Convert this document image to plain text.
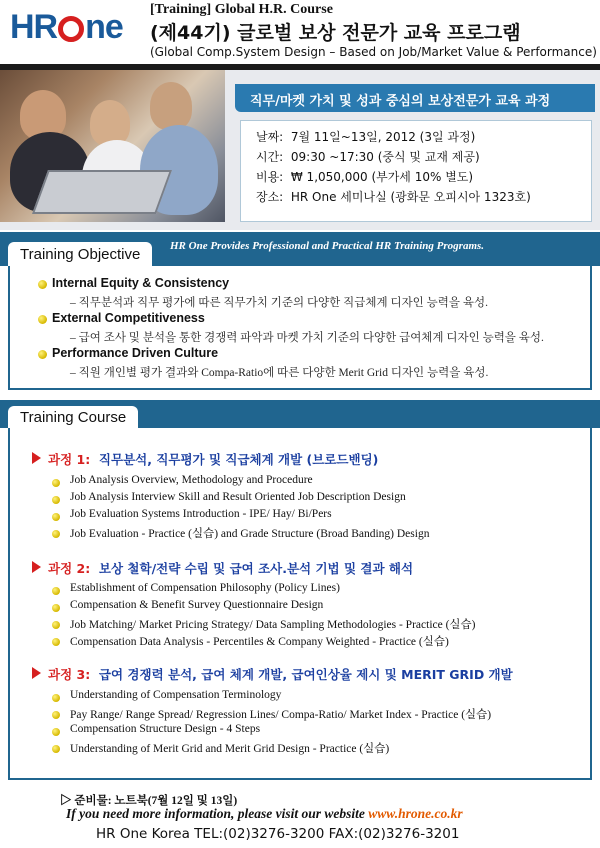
HR ne	[Training] Global H.R. Course
(제44기) 글로벌 보상 전문가 교육 프로그램
(Global Comp.System Design – Based on Job/Market Value & Performance)
직무/마켓 가치 및 성과 중심의 보상전문가 교육 과정
날짜: 7월 11일~13일, 2012 (3일 과정)
시간: 09:30 ~17:30 (중식 및 교재 제공)
비용: ₩ 1,050,000 (부가세 10% 별도)
장소: HR One 세미나실 (광화문 오피시아 1323호)
Training Objective	HR One Provides Professional and Practical HR Training Programs.
Internal Equity & Consistency
– 직무분석과 직무 평가에 따른 직무가치 기준의 다양한 직급체계 디자인 능력을 육성.
External Competitiveness
– 급여 조사 및 분석을 통한 경쟁력 파악과 마켓 가치 기준의 다양한 급여체계 디자인 능력을 육성.
Performance Driven Culture
– 직원 개인별 평가 결과와 Compa-Ratio에 따른 다양한 Merit Grid 디자인 능력을 육성.
Training Course
과정 1: 직무분석, 직무평가 및 직급체계 개발 (브로드밴딩)
Job Analysis Overview, Methodology and Procedure
Job Analysis Interview Skill and Result Oriented Job Description Design
Job Evaluation Systems Introduction - IPE/ Hay/ Bi/Pers
Job Evaluation - Practice (실습) and Grade Structure (Broad Banding) Design
과정 2: 보상 철학/전략 수립 및 급여 조사.분석 기법 및 결과 해석
Establishment of Compensation Philosophy (Policy Lines)
Compensation & Benefit Survey Questionnaire Design
Job Matching/ Market Pricing Strategy/ Data Sampling Methodologies - Practice (실습)
Compensation Data Analysis - Percentiles & Company Weighted - Practice (실습)
과정 3: 급여 경쟁력 분석, 급여 체계 개발, 급여인상율 제시 및 MERIT GRID 개발
Understanding of Compensation Terminology
Pay Range/ Range Spread/ Regression Lines/ Compa-Ratio/ Market Index - Practice (실습)
Compensation Structure Design - 4 Steps
Understanding of Merit Grid and Merit Grid Design - Practice (실습)
▷ 준비물: 노트북(7월 12일 및 13일)
If you need more information, please visit our website www.hrone.co.kr
HR One Korea TEL:(02)3276-3200 FAX:(02)3276-3201
